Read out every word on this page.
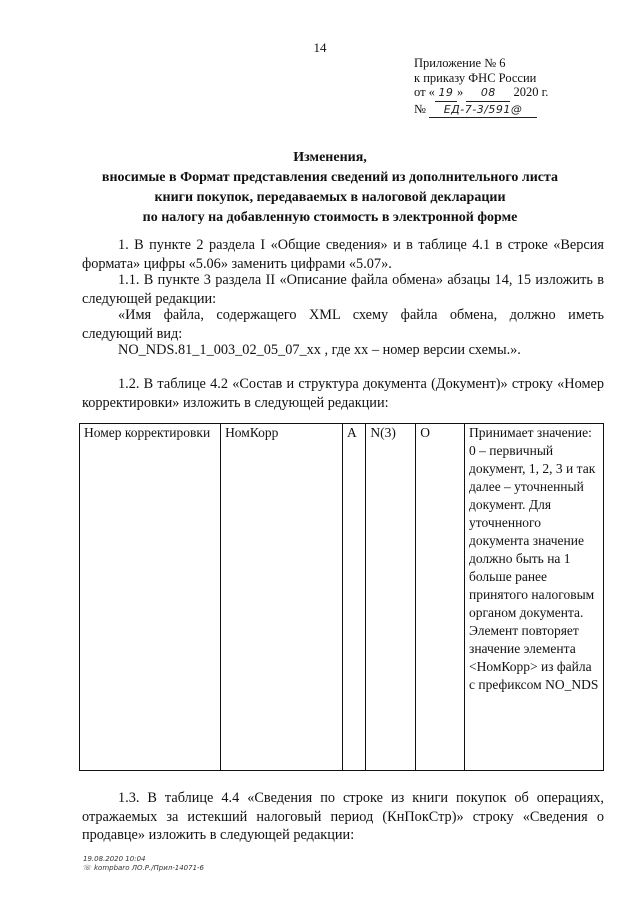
14
Приложение № 6
к приказу ФНС России
от « 19 » 08 2020 г.
№ ЕД-7-3/591@
Изменения,
вносимые в Формат представления сведений из дополнительного листа
книги покупок, передаваемых в налоговой декларации
по налогу на добавленную стоимость в электронной форме
1. В пункте 2 раздела I «Общие сведения» и в таблице 4.1 в строке «Версия формата» цифры «5.06» заменить цифрами «5.07».
1.1. В пункте 3 раздела II «Описание файла обмена» абзацы 14, 15 изложить в следующей редакции:
«Имя файла, содержащего XML схему файла обмена, должно иметь следующий вид:
NO_NDS.81_1_003_02_05_07_xx , где хх – номер версии схемы.».
1.2. В таблице 4.2 «Состав и структура документа (Документ)» строку «Номер корректировки» изложить в следующей редакции:
Номер корректировки	НомКорр	А	N(3)	О	Принимает значение: 0 – первичный документ, 1, 2, 3 и так далее – уточненный документ. Для уточненного документа значение должно быть на 1 больше ранее принятого налоговым органом документа. Элемент повторяет значение элемента <НомКорр> из файла с префиксом NO_NDS
1.3. В таблице 4.4 «Сведения по строке из книги покупок об операциях, отражаемых за истекший налоговый период (КнПокСтр)» строку «Сведения о продавце» изложить в следующей редакции:
19.08.2020 10:04
☏ kompbaro ЛО.Р./Прил-14071-6
